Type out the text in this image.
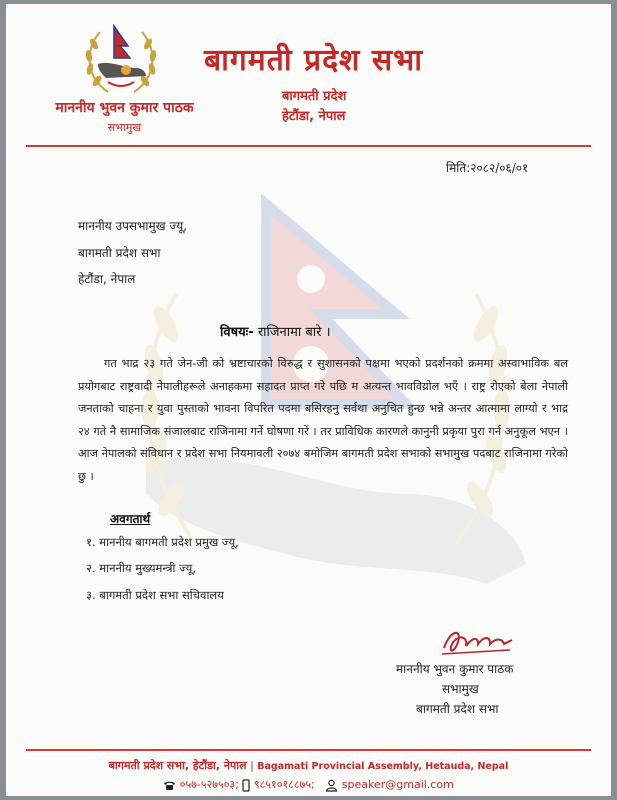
माननीय भुवन कुमार पाठक
सभामुख
बागमती प्रदेश सभा
बागमती प्रदेश
हेटौंडा, नेपाल
मिति:२०८२/०६/०१
माननीय उपसभामुख ज्यू,
बागमती प्रदेश सभा
हेटौंडा, नेपाल
विषयः- राजिनामा बारे ।

गत भाद्र २३ गते जेन-जी को भ्रष्टाचारको विरुद्ध र सुशासनको पक्षमा भएको प्रदर्शनको क्रममा अस्वाभाविक बल प्रयोगबाट राष्ट्रवादी नेपालीहरूले अनाहकमा सहादत प्राप्त गरे पछि म अत्यन्त भावविय्रोल भएँ । राष्ट्र रोएको बेला नेपाली जनताको चाहना र युवा पुस्ताको भावना विपरित पदमा बसिरहनु सर्वथा अनुचित हुन्छ भन्ने अन्तर आत्मामा लाग्यो र भाद्र २४ गते नै सामाजिक संजालबाट राजिनामा गर्ने घोषणा गरें । तर प्राविधिक कारणले कानुनी प्रकृया पुरा गर्न अनुकूल भएन । आज नेपालको संविधान र प्रदेश सभा नियमावली २०७४ बमोजिम बागमती प्रदेश सभाको सभामुख पदबाट राजिनामा गरेको छु ।

अवगतार्थ
१. माननीय बागमती प्रदेश प्रमुख ज्यू,
२. माननीय मुख्यमन्त्री ज्यू,
३. बागमती प्रदेश सभा सचिवालय
माननीय भुवन कुमार पाठक
सभामुख
बागमती प्रदेश सभा
बागमती प्रदेश सभा, हेटौंडा, नेपाल | Bagamati Provincial Assembly, Hetauda, Nepal
०५७-५२७५०३; ९८५१०१८८७५; speaker@gmail.com
